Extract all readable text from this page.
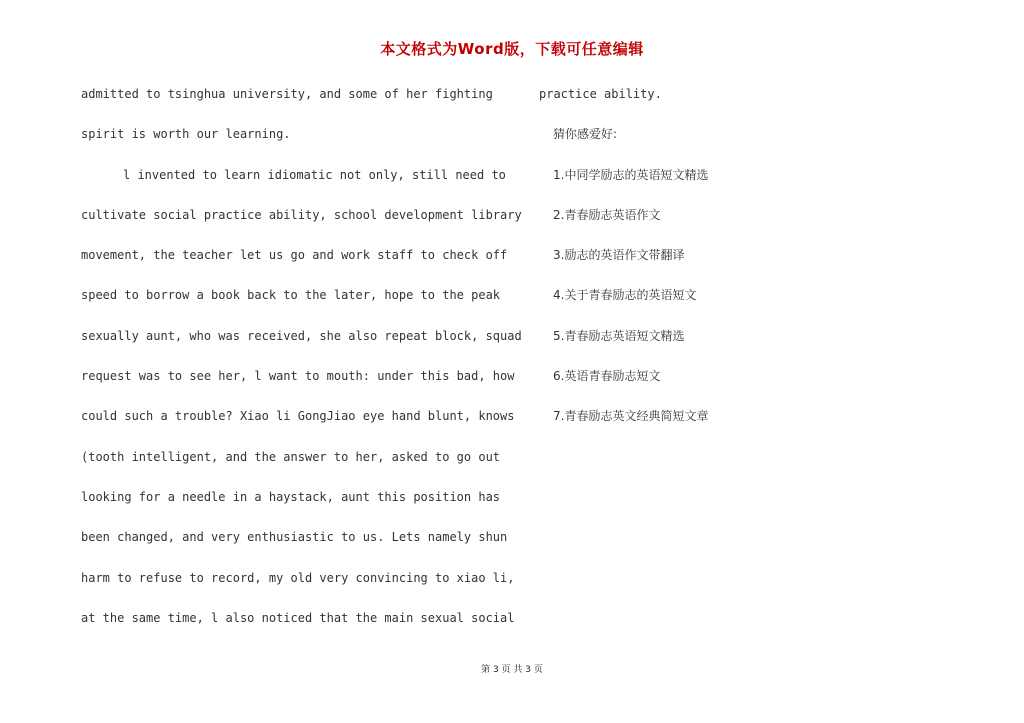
本文格式为Word版，下载可任意编辑
admitted to tsinghua university, and some of her fighting
spirit is worth our learning.
l invented to learn idiomatic not only, still need to
cultivate social practice ability, school development library
movement, the teacher let us go and work staff to check off
speed to borrow a book back to the later, hope to the peak
sexually aunt, who was received, she also repeat block, squad
request was to see her, l want to mouth: under this bad, how
could such a trouble? Xiao li GongJiao eye hand blunt, knows
(tooth intelligent, and the answer to her, asked to go out
looking for a needle in a haystack, aunt this position has
been changed, and very enthusiastic to us. Lets namely shun
harm to refuse to record, my old very convincing to xiao li,
at the same time, l also noticed that the main sexual social
practice ability.
猜你感爱好:
1.中同学励志的英语短文精选
2.青春励志英语作文
3.励志的英语作文带翻译
4.关于青春励志的英语短文
5.青春励志英语短文精选
6.英语青春励志短文
7.青春励志英文经典简短文章
第 3 页 共 3 页
